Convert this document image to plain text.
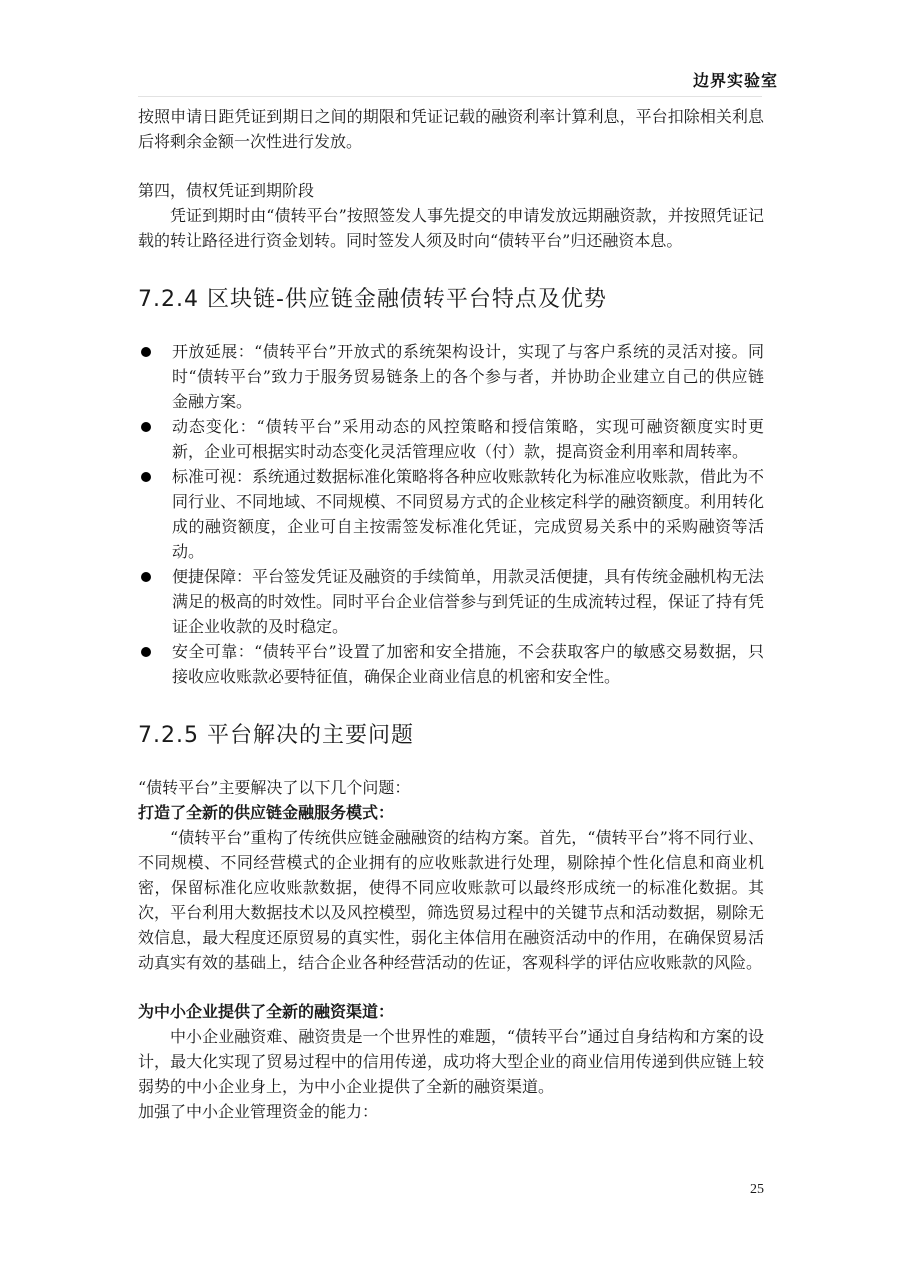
边界实验室

按照申请日距凭证到期日之间的期限和凭证记载的融资利率计算利息，平台扣除相关利息后将剩余金额一次性进行发放。

第四，债权凭证到期阶段

凭证到期时由“债转平台”按照签发人事先提交的申请发放远期融资款，并按照凭证记载的转让路径进行资金划转。同时签发人须及时向“债转平台”归还融资本息。

7.2.4 区块链-供应链金融债转平台特点及优势
开放延展：“债转平台”开放式的系统架构设计，实现了与客户系统的灵活对接。同时“债转平台”致力于服务贸易链条上的各个参与者，并协助企业建立自己的供应链金融方案。
动态变化：“债转平台”采用动态的风控策略和授信策略，实现可融资额度实时更新，企业可根据实时动态变化灵活管理应收（付）款，提高资金利用率和周转率。
标准可视：系统通过数据标准化策略将各种应收账款转化为标准应收账款，借此为不同行业、不同地域、不同规模、不同贸易方式的企业核定科学的融资额度。利用转化成的融资额度，企业可自主按需签发标准化凭证，完成贸易关系中的采购融资等活动。
便捷保障：平台签发凭证及融资的手续简单，用款灵活便捷，具有传统金融机构无法满足的极高的时效性。同时平台企业信誉参与到凭证的生成流转过程，保证了持有凭证企业收款的及时稳定。
安全可靠：“债转平台”设置了加密和安全措施，不会获取客户的敏感交易数据，只接收应收账款必要特征值，确保企业商业信息的机密和安全性。
7.2.5 平台解决的主要问题

“债转平台”主要解决了以下几个问题：

打造了全新的供应链金融服务模式：

“债转平台”重构了传统供应链金融融资的结构方案。首先，“债转平台”将不同行业、不同规模、不同经营模式的企业拥有的应收账款进行处理，剔除掉个性化信息和商业机密，保留标准化应收账款数据，使得不同应收账款可以最终形成统一的标准化数据。其次，平台利用大数据技术以及风控模型，筛选贸易过程中的关键节点和活动数据，剔除无效信息，最大程度还原贸易的真实性，弱化主体信用在融资活动中的作用，在确保贸易活动真实有效的基础上，结合企业各种经营活动的佐证，客观科学的评估应收账款的风险。

为中小企业提供了全新的融资渠道：

中小企业融资难、融资贵是一个世界性的难题，“债转平台”通过自身结构和方案的设计，最大化实现了贸易过程中的信用传递，成功将大型企业的商业信用传递到供应链上较弱势的中小企业身上，为中小企业提供了全新的融资渠道。

加强了中小企业管理资金的能力：

25
